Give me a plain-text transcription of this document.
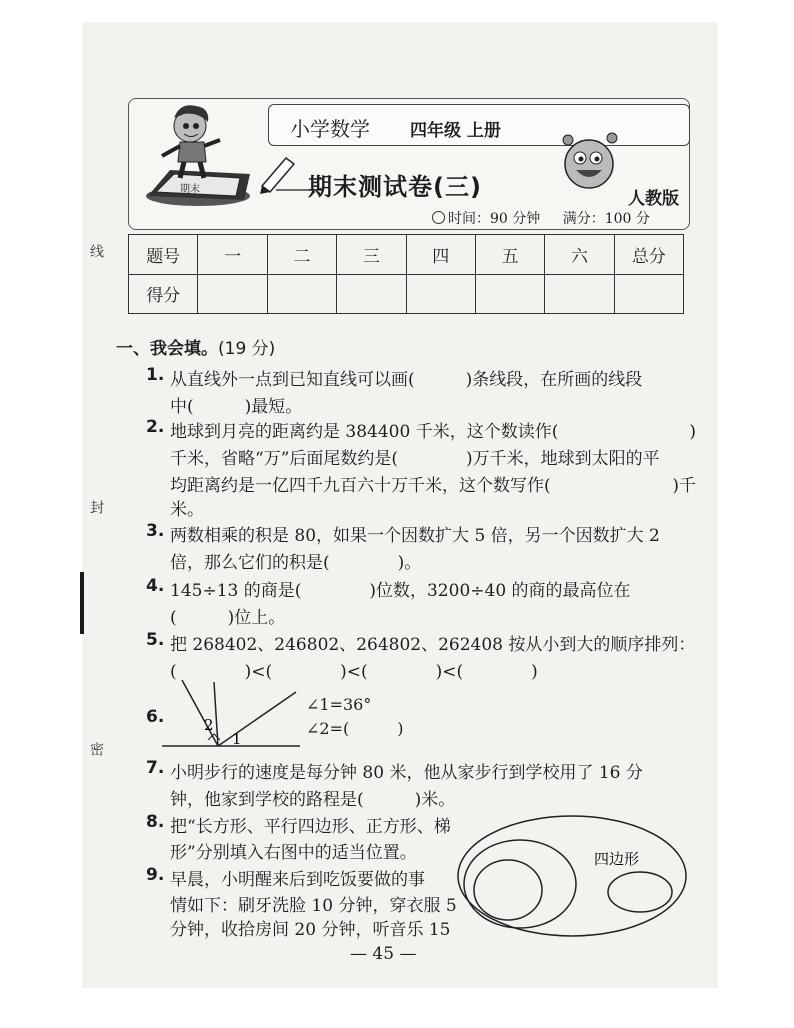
线
封
密
期末
小学数学 四年级 上册
期末测试卷(三)	人教版
时间：90 分钟 满分：100 分
题号	一	二	三	四	五	六	总分
得分							
一、我会填。(19 分)
1. 从直线外一点到已知直线可以画(　　　)条线段，在所画的线段
中(　　　)最短。
2. 地球到月亮的距离约是 384400 千米，这个数读作(	)
千米，省略“万”后面尾数约是(　　　　)万千米，地球到太阳的平
均距离约是一亿四千九百六十万千米，这个数写作(	)千
米。
3. 两数相乘的积是 80，如果一个因数扩大 5 倍，另一个因数扩大 2
倍，那么它们的积是(　　　　)。
4. 145÷13 的商是(　　　　)位数，3200÷40 的商的最高位在
(　　　)位上。
5. 把 268402、246802、264802、262408 按从小到大的顺序排列：
(　　　　)<(　　　　)<(　　　　)<(　　　　)
6.	2
1
∠1=36°
∠2=(　　　)
7. 小明步行的速度是每分钟 80 米，他从家步行到学校用了 16 分
钟，他家到学校的路程是(　　　)米。
8. 把“长方形、平行四边形、正方形、梯
形”分别填入右图中的适当位置。
9. 早晨，小明醒来后到吃饭要做的事
情如下：刷牙洗脸 10 分钟，穿衣服 5
分钟，收拾房间 20 分钟，听音乐 15
四边形
— 45 —
